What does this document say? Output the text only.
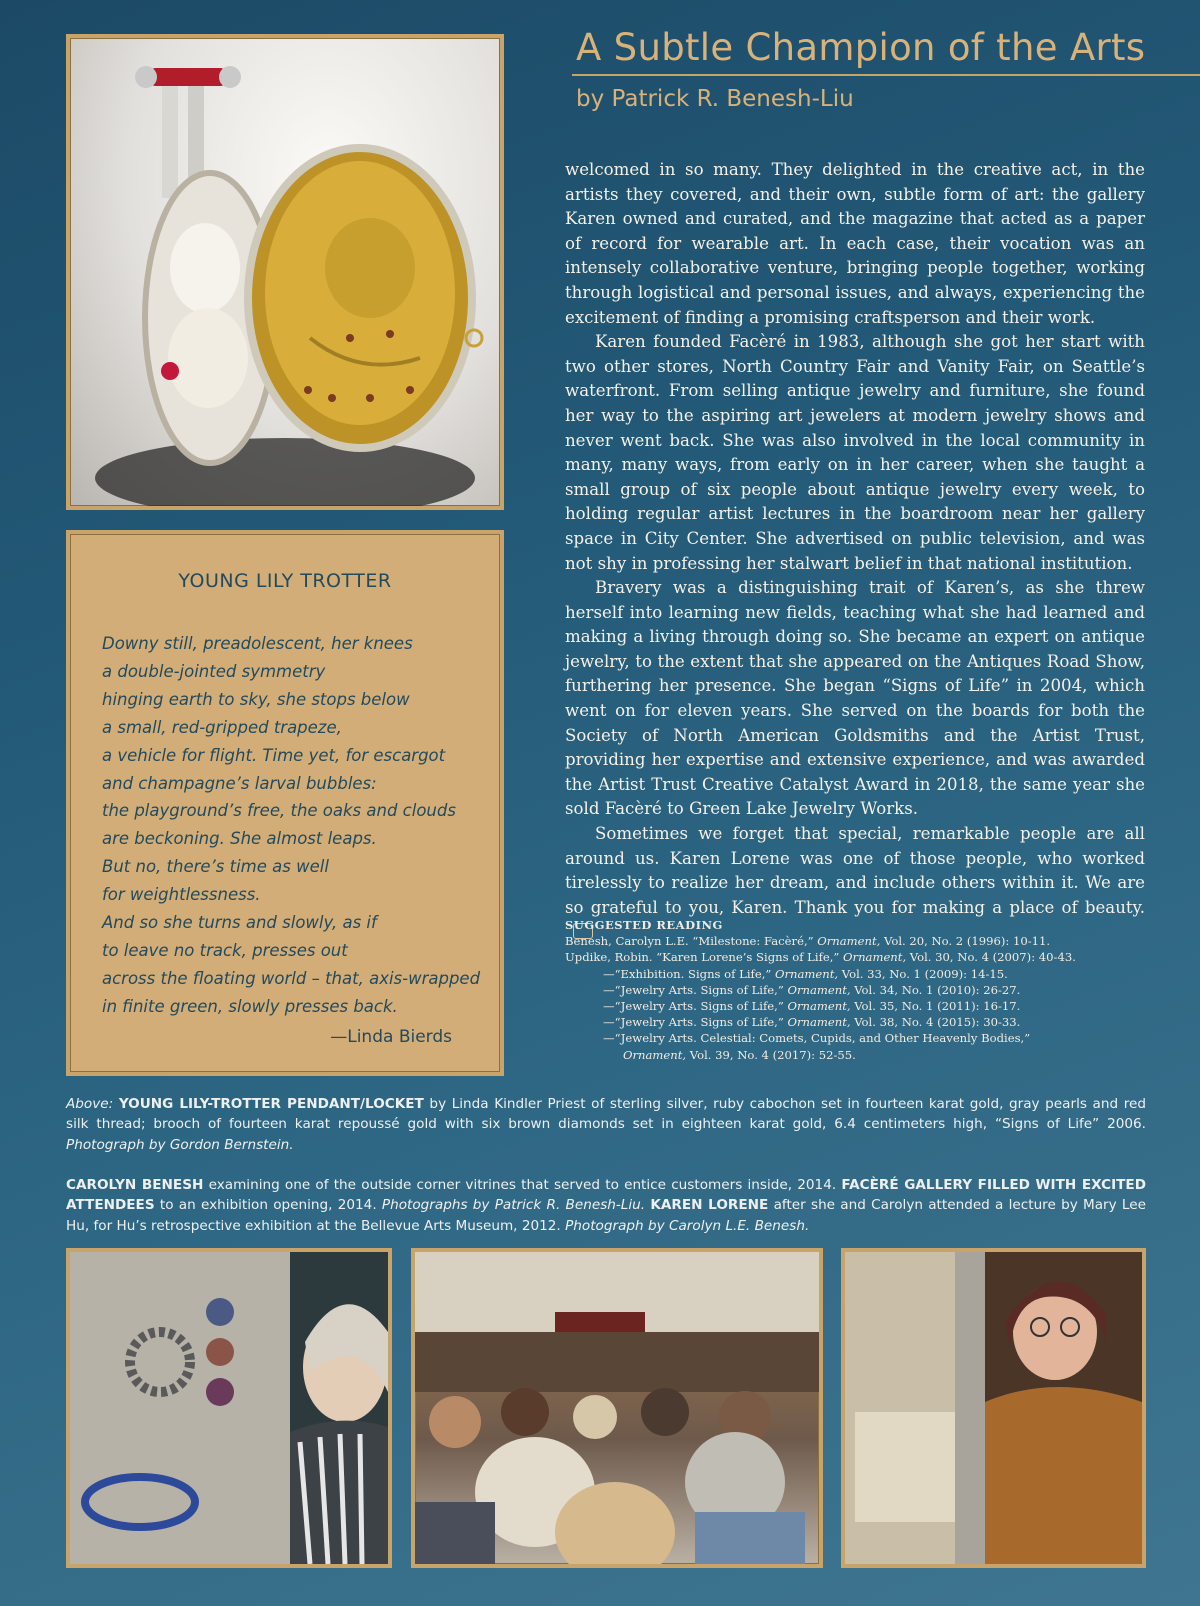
A Subtle Champion of the Arts
by Patrick R. Benesh-Liu

welcomed in so many. They delighted in the creative act, in the artists they covered, and their own, subtle form of art: the gallery Karen owned and curated, and the magazine that acted as a paper of record for wearable art. In each case, their vocation was an intensely collaborative venture, bringing people together, working through logistical and personal issues, and always, experiencing the excitement of finding a promising craftsperson and their work.

Karen founded Facèré in 1983, although she got her start with two other stores, North Country Fair and Vanity Fair, on Seattle’s waterfront. From selling antique jewelry and furniture, she found her way to the aspiring art jewelers at modern jewelry shows and never went back. She was also involved in the local community in many, many ways, from early on in her career, when she taught a small group of six people about antique jewelry every week, to holding regular artist lectures in the boardroom near her gallery space in City Center. She advertised on public television, and was not shy in professing her stalwart belief in that national institution.

Bravery was a distinguishing trait of Karen’s, as she threw herself into learning new fields, teaching what she had learned and making a living through doing so. She became an expert on antique jewelry, to the extent that she appeared on the Antiques Road Show, furthering her presence. She began “Signs of Life” in 2004, which went on for eleven years. She served on the boards for both the Society of North American Goldsmiths and the Artist Trust, providing her expertise and extensive experience, and was awarded the Artist Trust Creative Catalyst Award in 2018, the same year she sold Facèré to Green Lake Jewelry Works.

Sometimes we forget that special, remarkable people are all around us. Karen Lorene was one of those people, who worked tirelessly to realize her dream, and include others within it. We are so grateful to you, Karen. Thank you for making a place of beauty.

YOUNG LILY TROTTER
Downy still, preadolescent, her knees
a double-jointed symmetry
hinging earth to sky, she stops below
a small, red-gripped trapeze,
a vehicle for flight. Time yet, for escargot
and champagne’s larval bubbles:
the playground’s free, the oaks and clouds
are beckoning. She almost leaps.
But no, there’s time as well
for weightlessness.
And so she turns and slowly, as if
to leave no track, presses out
across the floating world – that, axis-wrapped
in finite green, slowly presses back.
—Linda Bierds
SUGGESTED READING
Benesh, Carolyn L.E. “Milestone: Facèré,” Ornament, Vol. 20, No. 2 (1996): 10-11.
Updike, Robin. “Karen Lorene’s Signs of Life,” Ornament, Vol. 30, No. 4 (2007): 40-43.
—“Exhibition. Signs of Life,” Ornament, Vol. 33, No. 1 (2009): 14-15.
—“Jewelry Arts. Signs of Life,” Ornament, Vol. 34, No. 1 (2010): 26-27.
—“Jewelry Arts. Signs of Life,” Ornament, Vol. 35, No. 1 (2011): 16-17.
—“Jewelry Arts. Signs of Life,” Ornament, Vol. 38, No. 4 (2015): 30-33.
—“Jewelry Arts. Celestial: Comets, Cupids, and Other Heavenly Bodies,”
Ornament, Vol. 39, No. 4 (2017): 52-55.
Above: YOUNG LILY-TROTTER PENDANT/LOCKET by Linda Kindler Priest of sterling silver, ruby cabochon set in fourteen karat gold, gray pearls and red silk thread; brooch of fourteen karat repoussé gold with six brown diamonds set in eighteen karat gold, 6.4 centimeters high, “Signs of Life” 2006. Photograph by Gordon Bernstein.
CAROLYN BENESH examining one of the outside corner vitrines that served to entice customers inside, 2014. FACÈRÉ GALLERY FILLED WITH EXCITED ATTENDEES to an exhibition opening, 2014. Photographs by Patrick R. Benesh-Liu. KAREN LORENE after she and Carolyn attended a lecture by Mary Lee Hu, for Hu’s retrospective exhibition at the Bellevue Arts Museum, 2012. Photograph by Carolyn L.E. Benesh.
